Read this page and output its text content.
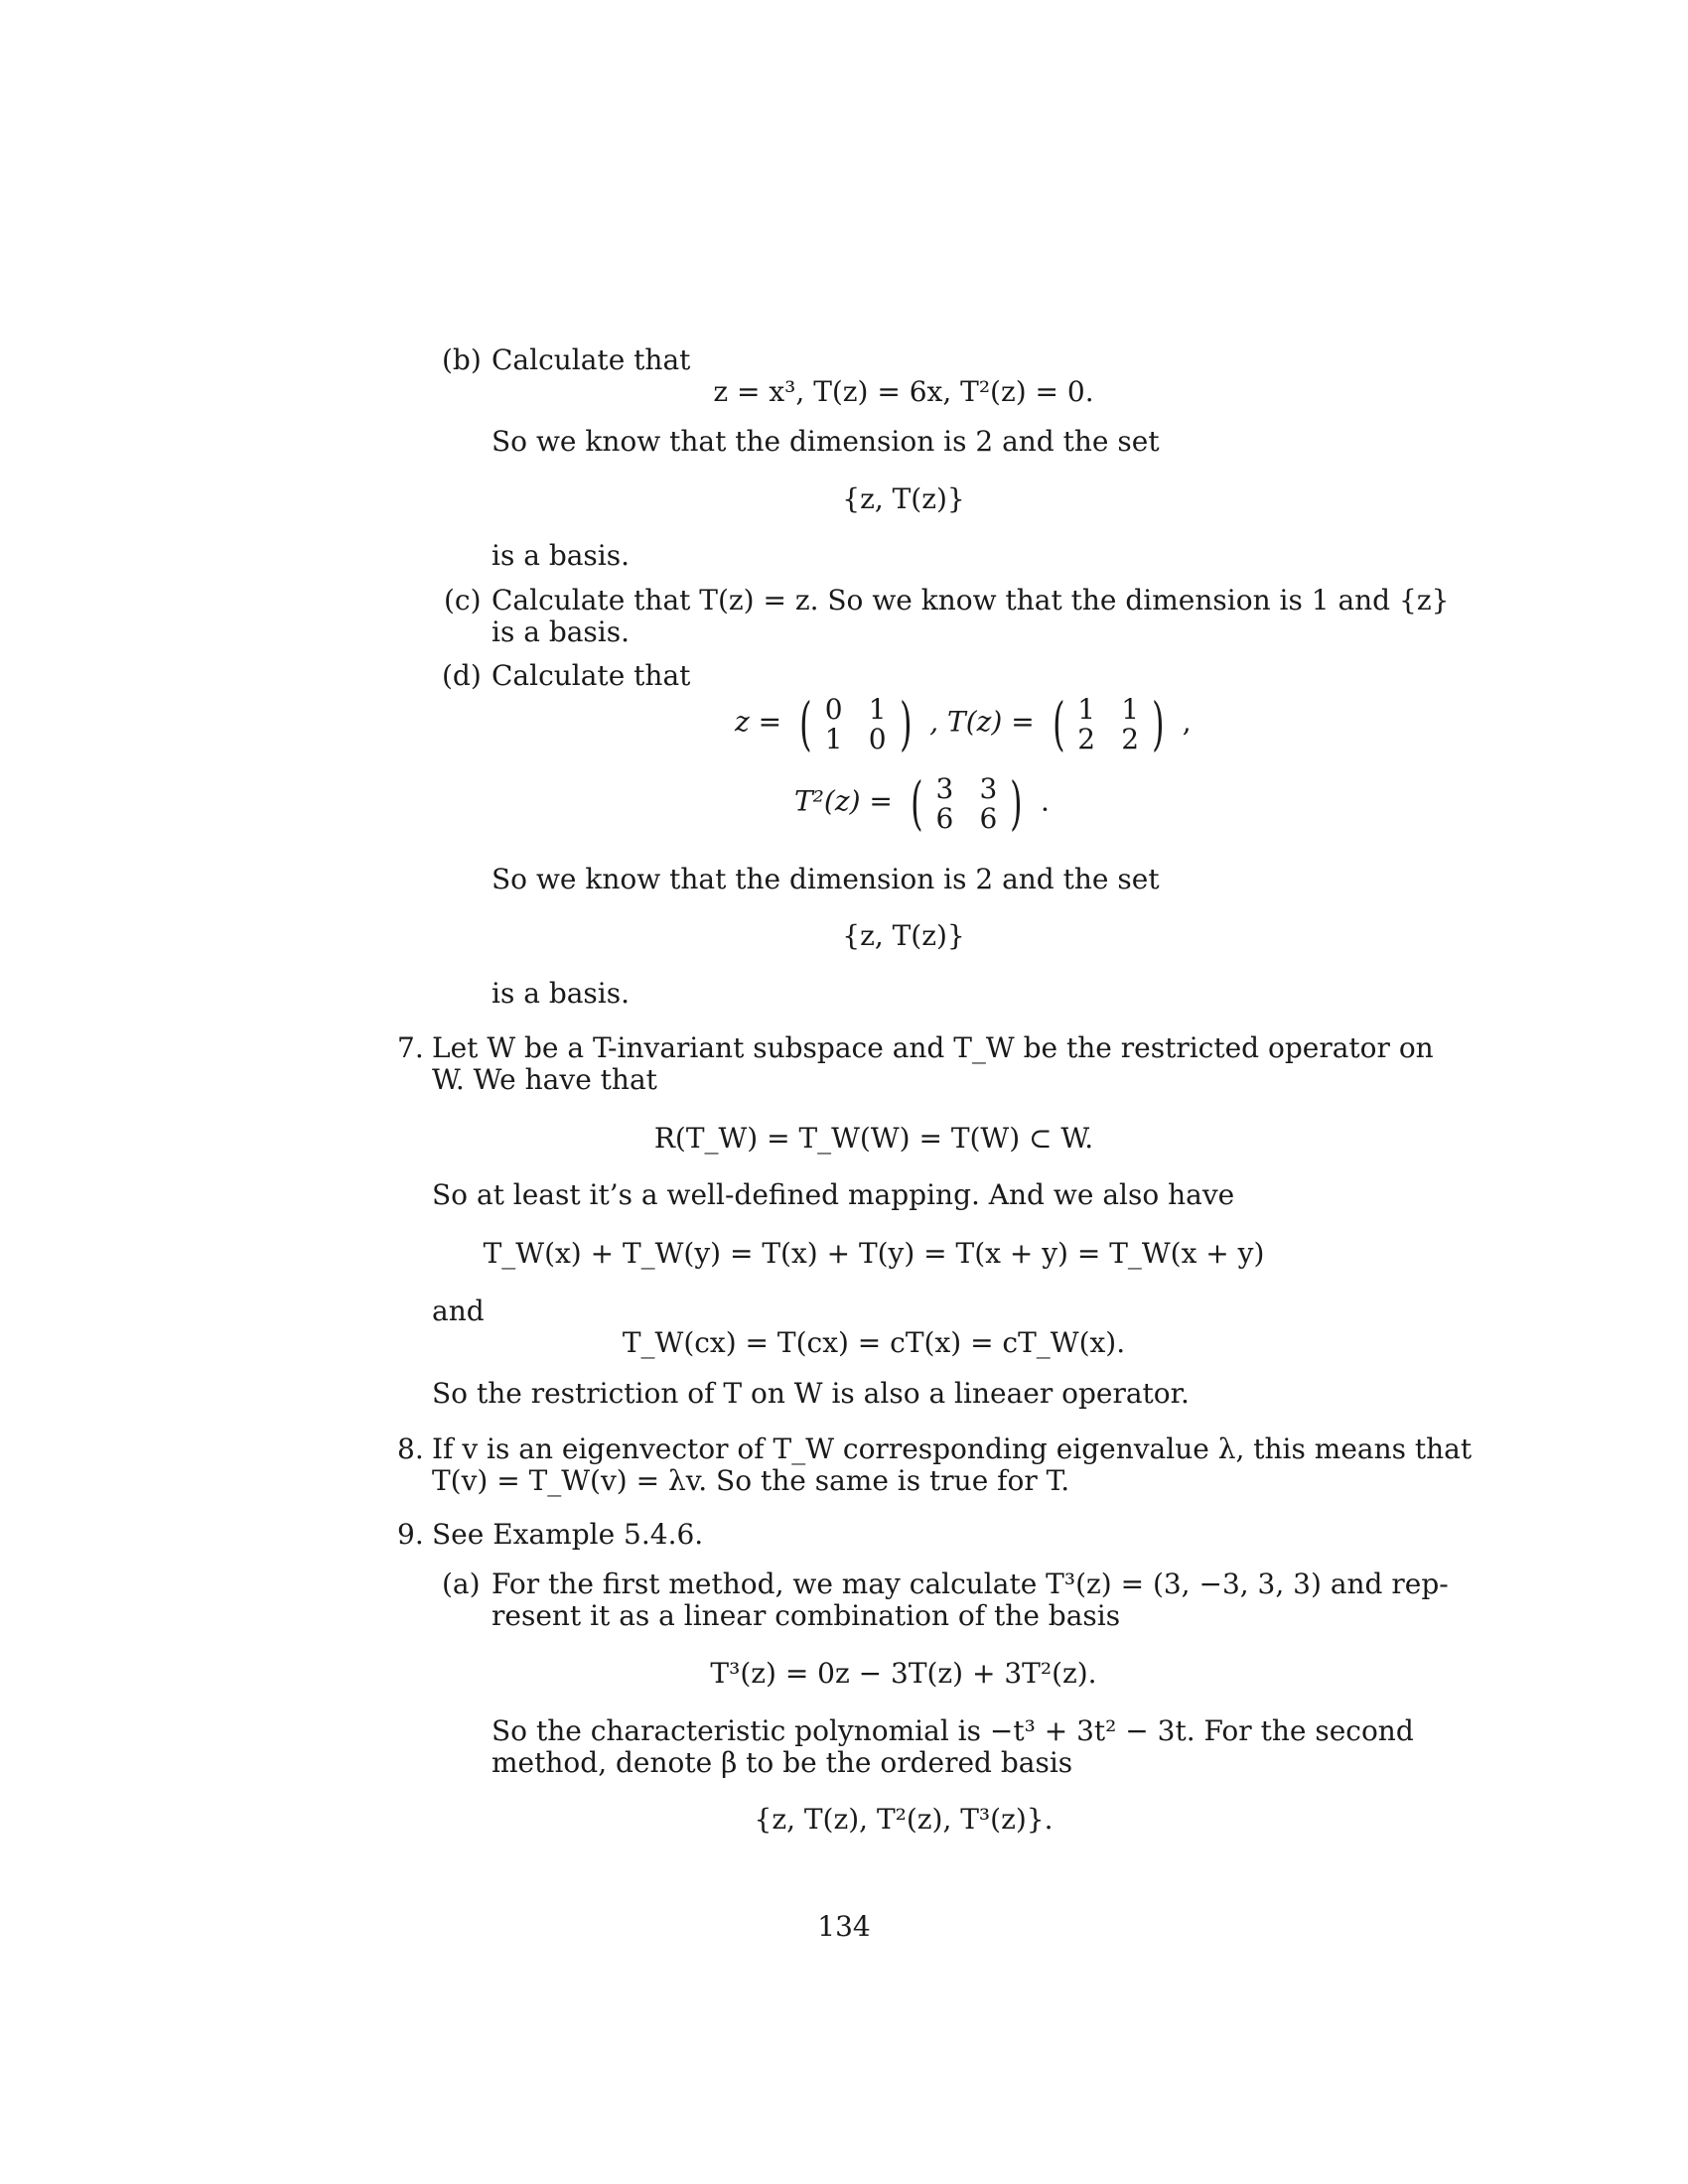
(b) Calculate that
z = x³, T(z) = 6x, T²(z) = 0.
So we know that the dimension is 2 and the set
{z, T(z)}
is a basis.
(c) Calculate that T(z) = z. So we know that the dimension is 1 and {z}
is a basis.
(d) Calculate that
z = ( 0 1
1 0 ) , T(z) = ( 1 1
2 2 ) ,
T²(z) = ( 3 3
6 6 ) .
So we know that the dimension is 2 and the set
{z, T(z)}
is a basis.
7. Let W be a T-invariant subspace and T_W be the restricted operator on
W. We have that
R(T_W) = T_W(W) = T(W) ⊂ W.
So at least it’s a well-defined mapping. And we also have
T_W(x) + T_W(y) = T(x) + T(y) = T(x + y) = T_W(x + y)
and
T_W(cx) = T(cx) = cT(x) = cT_W(x).
So the restriction of T on W is also a lineaer operator.
8. If v is an eigenvector of T_W corresponding eigenvalue λ, this means that
T(v) = T_W(v) = λv. So the same is true for T.
9. See Example 5.4.6.
(a) For the first method, we may calculate T³(z) = (3, −3, 3, 3) and rep-
resent it as a linear combination of the basis
T³(z) = 0z − 3T(z) + 3T²(z).
So the characteristic polynomial is −t³ + 3t² − 3t. For the second
method, denote β to be the ordered basis
{z, T(z), T²(z), T³(z)}.
134
